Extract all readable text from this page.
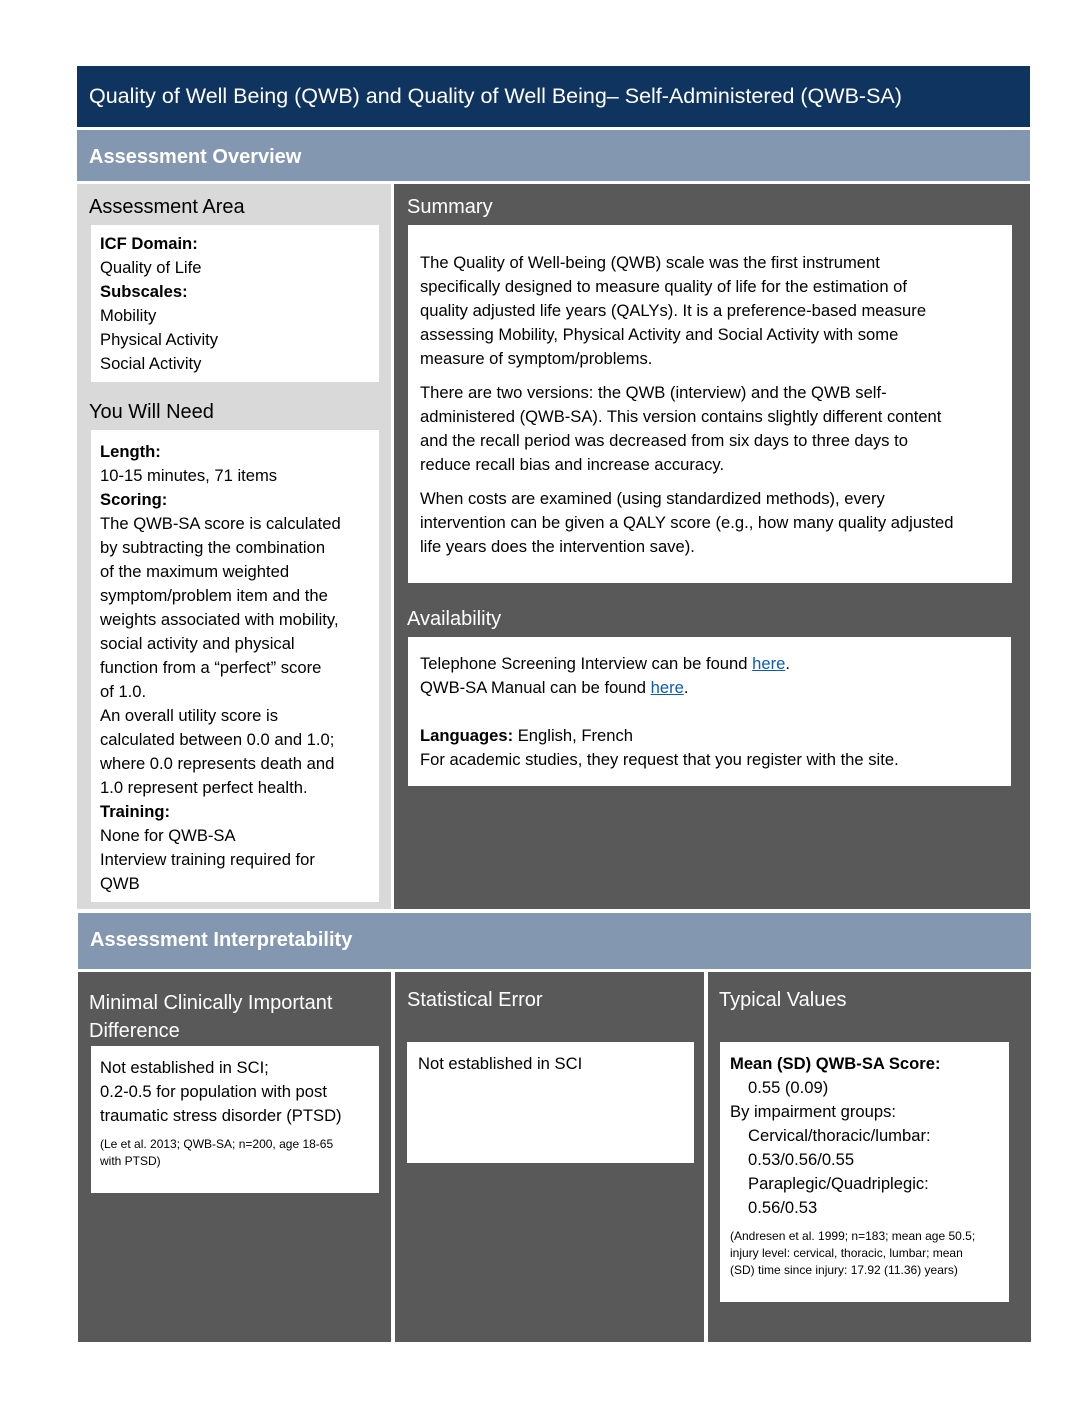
Quality of Well Being (QWB) and Quality of Well Being– Self-Administered (QWB-SA)
Assessment Overview
Assessment Area

ICF Domain:

Quality of Life

Subscales:

Mobility

Physical Activity

Social Activity

You Will Need

Length:

10-15 minutes, 71 items

Scoring:

The QWB-SA score is calculated

by subtracting the combination

of the maximum weighted

symptom/problem item and the

weights associated with mobility,

social activity and physical

function from a “perfect” score

of 1.0.

An overall utility score is

calculated between 0.0 and 1.0;

where 0.0 represents death and

1.0 represent perfect health.

Training:

None for QWB-SA

Interview training required for

QWB

Summary

The Quality of Well-being (QWB) scale was the first instrument

specifically designed to measure quality of life for the estimation of

quality adjusted life years (QALYs). It is a preference-based measure

assessing Mobility, Physical Activity and Social Activity with some

measure of symptom/problems.

There are two versions: the QWB (interview) and the QWB self-

administered (QWB-SA). This version contains slightly different content

and the recall period was decreased from six days to three days to

reduce recall bias and increase accuracy.

When costs are examined (using standardized methods), every

intervention can be given a QALY score (e.g., how many quality adjusted

life years does the intervention save).

Availability

Telephone Screening Interview can be found here.

QWB-SA Manual can be found here.

Languages: English, French

For academic studies, they request that you register with the site.

Assessment Interpretability
Minimal Clinically Important
Difference

Not established in SCI;

0.2-0.5 for population with post

traumatic stress disorder (PTSD)

(Le et al. 2013; QWB-SA; n=200, age 18-65

with PTSD)

Statistical Error

Not established in SCI

Typical Values

Mean (SD) QWB-SA Score:

0.55 (0.09)

By impairment groups:

Cervical/thoracic/lumbar:

0.53/0.56/0.55

Paraplegic/Quadriplegic:

0.56/0.53

(Andresen et al. 1999; n=183; mean age 50.5;

injury level: cervical, thoracic, lumbar; mean

(SD) time since injury: 17.92 (11.36) years)
